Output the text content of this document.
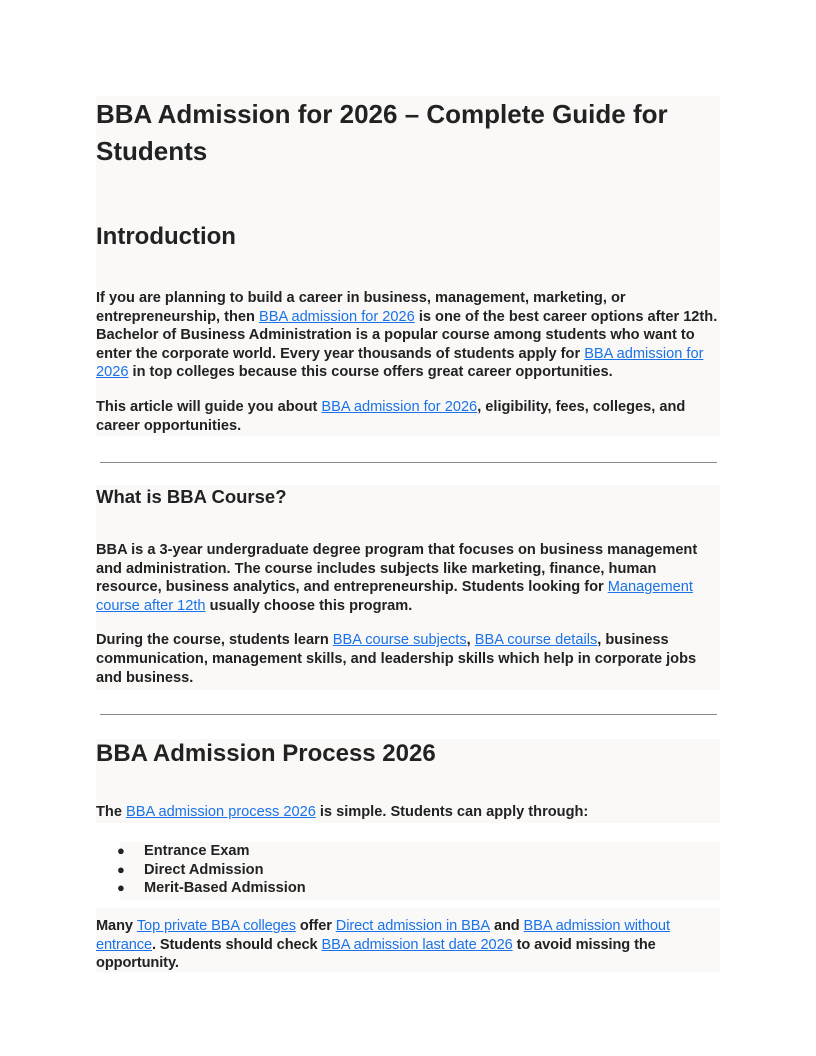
BBA Admission for 2026 – Complete Guide for
Students
Introduction

If you are planning to build a career in business, management, marketing, or entrepreneurship, then BBA admission for 2026 is one of the best career options after 12th. Bachelor of Business Administration is a popular course among students who want to enter the corporate world. Every year thousands of students apply for BBA admission for 2026 in top colleges because this course offers great career opportunities.

This article will guide you about BBA admission for 2026, eligibility, fees, colleges, and career opportunities.

What is BBA Course?

BBA is a 3-year undergraduate degree program that focuses on business management and administration. The course includes subjects like marketing, finance, human resource, business analytics, and entrepreneurship. Students looking for Management course after 12th usually choose this program.

During the course, students learn BBA course subjects, BBA course details, business communication, management skills, and leadership skills which help in corporate jobs and business.

BBA Admission Process 2026

The BBA admission process 2026 is simple. Students can apply through:

● Entrance Exam
● Direct Admission
● Merit-Based Admission

Many Top private BBA colleges offer Direct admission in BBA and BBA admission without entrance. Students should check BBA admission last date 2026 to avoid missing the opportunity.
